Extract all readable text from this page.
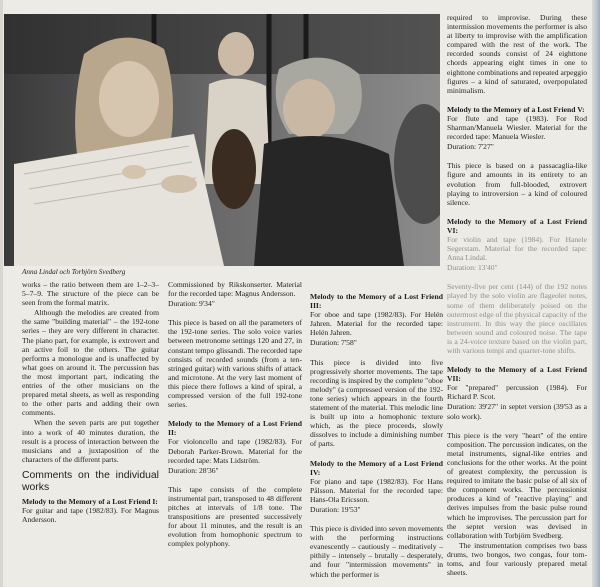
Anna Lindal och Torbjörn Svedberg

works – the ratio between them are 1–2–3–5–7–9. The structure of the piece can be seen from the formal matrix.

Although the melodies are created from the same "building material" – the 192-tone series – they are very different in character. The piano part, for example, is extrovert and an active foil to the others. The guitar performs a monologue and is unaffected by what goes on around it. The percussion has the most important part, indicating the entries of the other musicians on the prepared metal sheets, as well as responding to the other parts and adding their own comments.

When the seven parts are put together into a work of 40 minutes duration, the result is a process of interaction between the musicians and a juxtaposition of the characters of the different parts.

Comments on the individual works
Melody to the Memory of a Lost Friend I:

For guitar and tape (1982/83). For Magnus Andersson.

Commissioned by Rikskonserter. Material for the recorded tape: Magnus Andersson.

Duration: 9'34"

This piece is based on all the parameters of the 192-tone series. The solo voice varies between metronome settings 120 and 27, in constant tempo glissandi. The recorded tape consists of recorded sounds (from a ten-stringed guitar) with various shifts of attack and microtone. At the very last moment of this piece there follows a kind of spiral, a compressed version of the full 192-tone series.

Melody to the Memory of a Lost Friend II:

For violoncello and tape (1982/83). For Deborah Parker-Brown. Material for the recorded tape: Mats Lidström.

Duration: 28'36"

This tape consists of the complete instrumental part, transposed to 48 different pitches at intervals of 1/8 tone. The transpositions are presented successively for about 11 minutes, and the result is an evolution from homophonic spectrum to complex polyphony.

Melody to the Memory of a Lost Friend III:

For oboe and tape (1982/83). For Helén Jahren. Material for the recorded tape: Helén Jahren.

Duration: 7'58"

This piece is divided into five progressively shorter movements. The tape recording is inspired by the complete "oboe melody" (a compressed version of the 192-tone series) which appears in the fourth statement of the material. This melodic line is built up into a homophonic texture which, as the piece proceeds, slowly dissolves to include a diminishing number of parts.

Melody to the Memory of a Lost Friend IV:

For piano and tape (1982/83). For Hans Pålsson. Material for the recorded tape: Hans-Ola Ericsson.

Duration: 19'53"

This piece is divided into seven movements with the performing instructions evanescently – cautiously – meditatively – pithily – intensely – brutally – desperately, and four "intermission movements" in which the performer is

required to improvise. During these intermission movements the performer is also at liberty to improvise with the amplification compared with the rest of the work. The recorded sounds consist of 24 eighttone chords appearing eight times in one to eighttone combinations and repeated arpeggio figures – a kind of saturated, overpopulated minimalism.

Melody to the Memory of a Lost Friend V:

For flute and tape (1983). For Rod Sharman/Manuela Wiesler. Material for the recorded tape: Manuela Wiesler.

Duration: 7'27"

This piece is based on a passacaglia-like figure and amounts in its entirety to an evolution from full-blooded, extrovert playing to introversion – a kind of coloured silence.

Melody to the Memory of a Lost Friend VI:

For violin and tape (1984). For Hanele Segerstam. Material for the recorded tape: Anna Lindal.

Duration: 13'40"

Seventy-five per cent (144) of the 192 notes played by the solo violin are flageolet notes, some of them deliberately poised on the outermost edge of the physical capacity of the instrument. In this way the piece oscillates between sound and coloured noise. The tape is a 24-voice texture based on the violin part, with various tempi and quarter-tone shifts.

Melody to the Memory of a Lost Friend VII:

For "prepared" percussion (1984). For Richard P. Scot.

Duration: 39'27" in septet version (39'53 as a solo work).

This piece is the very "heart" of the entire composition. The percussion indicates, on the metal instruments, signal-like entries and conclusions for the other works. At the point of greatest complexity, the percussion is required to imitate the basic pulse of all six of the component works. The percussionist produces a kind of "reactive playing" and derives impulses from the basic pulse round which he improvises. The percussion part for the septet version was devised in collaboration with Torbjörn Svedberg.

The instrumentation comprises two bass drums, two bongos, two congas, four tom-toms, and four variously prepared metal sheets.
